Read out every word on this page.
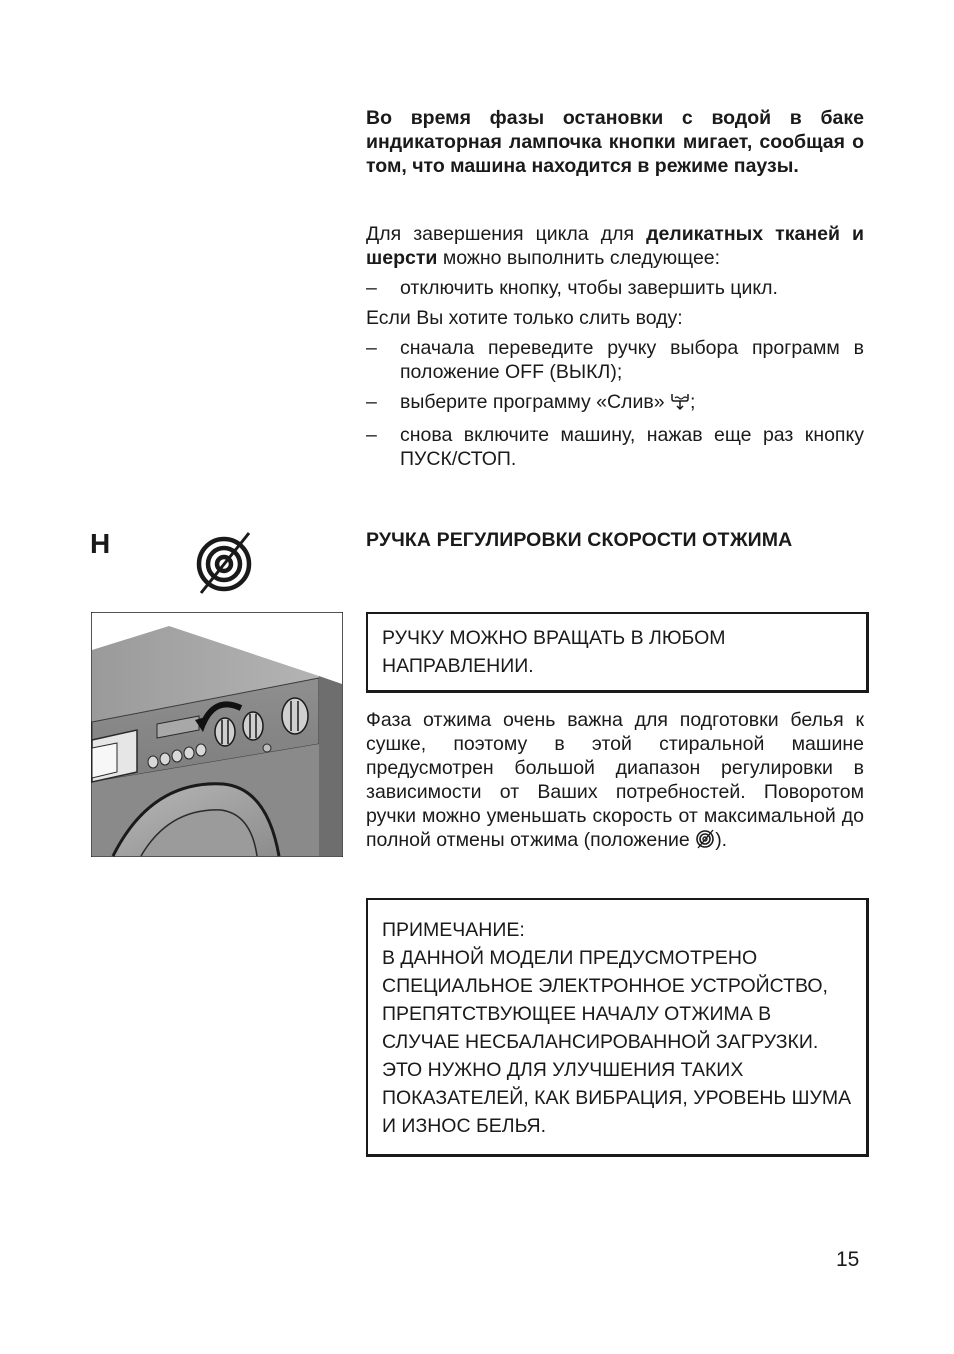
Во время фазы остановки с водой в баке индикаторная лампочка кнопки мигает, сообщая о том, что машина находится в режиме паузы.

Для завершения цикла для деликатных тканей и шерсти можно выполнить следующее:

– отключить кнопку, чтобы завершить цикл.

Если Вы хотите только слить воду:

– сначала переведите ручку выбора программ в положение OFF (ВЫКЛ);

– выберите программу «Слив» ;

– снова включите машину, нажав еще раз кнопку ПУСК/СТОП.

H	РУЧКА РЕГУЛИРОВКИ СКОРОСТИ ОТЖИМА

РУЧКУ МОЖНО ВРАЩАТЬ В ЛЮБОМ НАПРАВЛЕНИИ.

Фаза отжима очень важна для подготовки белья к сушке, поэтому в этой стиральной машине предусмотрен большой диапазон регулировки в зависимости от Ваших потребностей. Поворотом ручки можно уменьшать скорость от максимальной до полной отмены отжима (положение ).

ПРИМЕЧАНИЕ:

В ДАННОЙ МОДЕЛИ ПРЕДУСМОТРЕНО СПЕЦИАЛЬНОЕ ЭЛЕКТРОННОЕ УСТРОЙСТВО, ПРЕПЯТСТВУЮЩЕЕ НАЧАЛУ ОТЖИМА В СЛУЧАЕ НЕСБАЛАНСИРОВАННОЙ ЗАГРУЗКИ. ЭТО НУЖНО ДЛЯ УЛУЧШЕНИЯ ТАКИХ ПОКАЗАТЕЛЕЙ, КАК ВИБРАЦИЯ, УРОВЕНЬ ШУМА И ИЗНОС БЕЛЬЯ.

15
